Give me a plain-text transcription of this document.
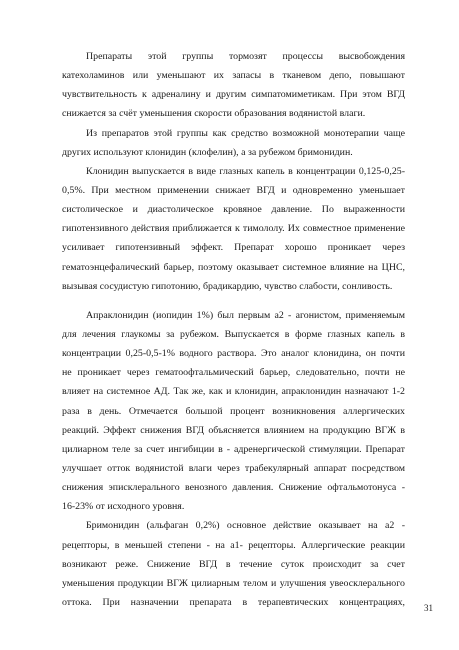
Препараты этой группы тормозят процессы высвобождения
катехоламинов или уменьшают их запасы в тканевом депо, повышают
чувствительность к адреналину и другим симпатомиметикам. При этом ВГД
снижается за счёт уменьшения скорости образования водянистой влаги.
Из препаратов этой группы как средство возможной монотерапии чаще
других используют клонидин (клофелин), а за рубежом бримонидин.
Клонидин выпускается в виде глазных капель в концентрации 0,125-0,25-
0,5%. При местном применении снижает ВГД и одновременно уменьшает
систолическое и диастолическое кровяное давление. По выраженности
гипотензивного действия приближается к тимололу. Их совместное применение
усиливает гипотензивный эффект. Препарат хорошо проникает через
гематоэнцефалический барьер, поэтому оказывает системное влияние на ЦНС,
вызывая сосудистую гипотонию, брадикардию, чувство слабости, сонливость.
Апраклонидин (иопидин 1%) был первым а2 - агонистом, применяемым
для лечения глаукомы за рубежом. Выпускается в форме глазных капель в
концентрации 0,25-0,5-1% водного раствора. Это аналог клонидина, он почти
не проникает через гематоофтальмический барьер, следовательно, почти не
влияет на системное АД. Так же, как и клонидин, апраклонидин назначают 1-2
раза в день. Отмечается большой процент возникновения аллергических
реакций. Эффект снижения ВГД объясняется влиянием на продукцию ВГЖ в
цилиарном теле за счет ингибиции в - адренергической стимуляции. Препарат
улучшает отток водянистой влаги через трабекулярный аппарат посредством
снижения эписклерального венозного давления. Снижение офтальмотонуса -
16-23% от исходного уровня.
Бримонидин (альфаган 0,2%) основное действие оказывает на а2 -
рецепторы, в меньшей степени - на а1- рецепторы. Аллергические реакции
возникают реже. Снижение ВГД в течение суток происходит за счет
уменьшения продукции ВГЖ цилиарным телом и улучшения увеосклерального
оттока. При назначении препарата в терапевтических концентрациях,
31
